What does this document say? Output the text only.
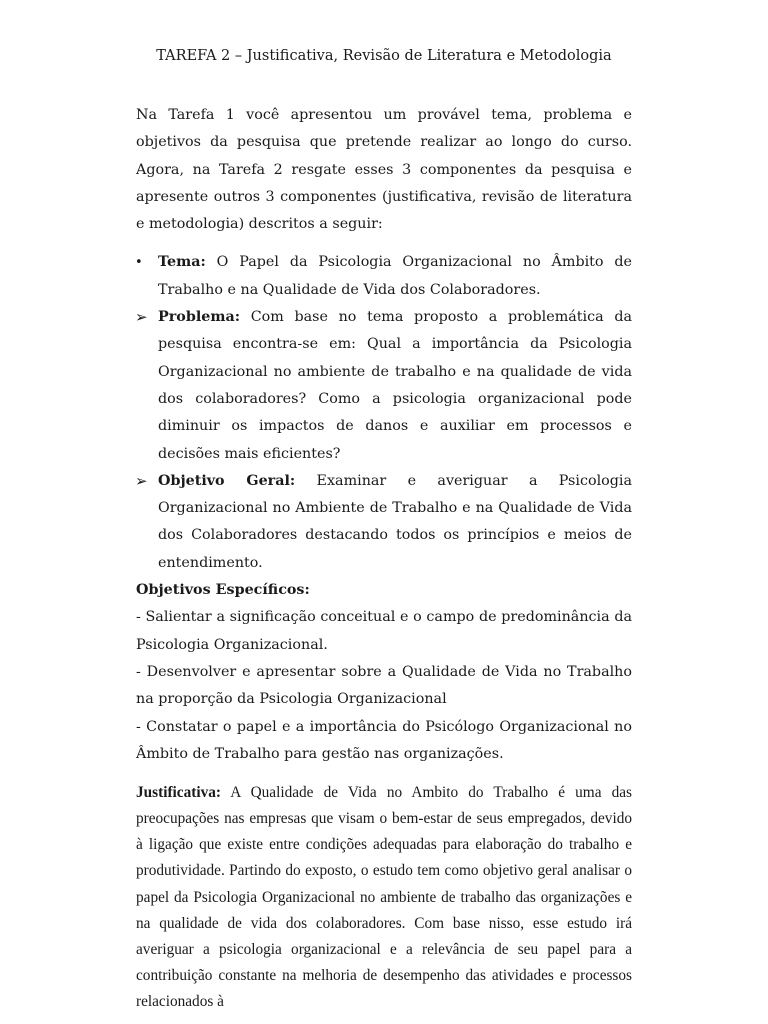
TAREFA 2 – Justificativa, Revisão de Literatura e Metodologia

Na Tarefa 1 você apresentou um provável tema, problema e objetivos da pesquisa que pretende realizar ao longo do curso. Agora, na Tarefa 2 resgate esses 3 componentes da pesquisa e apresente outros 3 componentes (justificativa, revisão de literatura e metodologia) descritos a seguir:

• Tema: O Papel da Psicologia Organizacional no Âmbito de Trabalho e na Qualidade de Vida dos Colaboradores.
➢ Problema: Com base no tema proposto a problemática da pesquisa encontra-se em: Qual a importância da Psicologia Organizacional no ambiente de trabalho e na qualidade de vida dos colaboradores? Como a psicologia organizacional pode diminuir os impactos de danos e auxiliar em processos e decisões mais eficientes?
➢ Objetivo Geral: Examinar e averiguar a Psicologia Organizacional no Ambiente de Trabalho e na Qualidade de Vida dos Colaboradores destacando todos os princípios e meios de entendimento.

Objetivos Específicos:

- Salientar a significação conceitual e o campo de predominância da Psicologia Organizacional.

- Desenvolver e apresentar sobre a Qualidade de Vida no Trabalho na proporção da Psicologia Organizacional

- Constatar o papel e a importância do Psicólogo Organizacional no Âmbito de Trabalho para gestão nas organizações.

Justificativa: A Qualidade de Vida no Ambito do Trabalho é uma das preocupações nas empresas que visam o bem-estar de seus empregados, devido à ligação que existe entre condições adequadas para elaboração do trabalho e produtividade. Partindo do exposto, o estudo tem como objetivo geral analisar o papel da Psicologia Organizacional no ambiente de trabalho das organizações e na qualidade de vida dos colaboradores. Com base nisso, esse estudo irá averiguar a psicologia organizacional e a relevância de seu papel para a contribuição constante na melhoria de desempenho das atividades e processos relacionados à
